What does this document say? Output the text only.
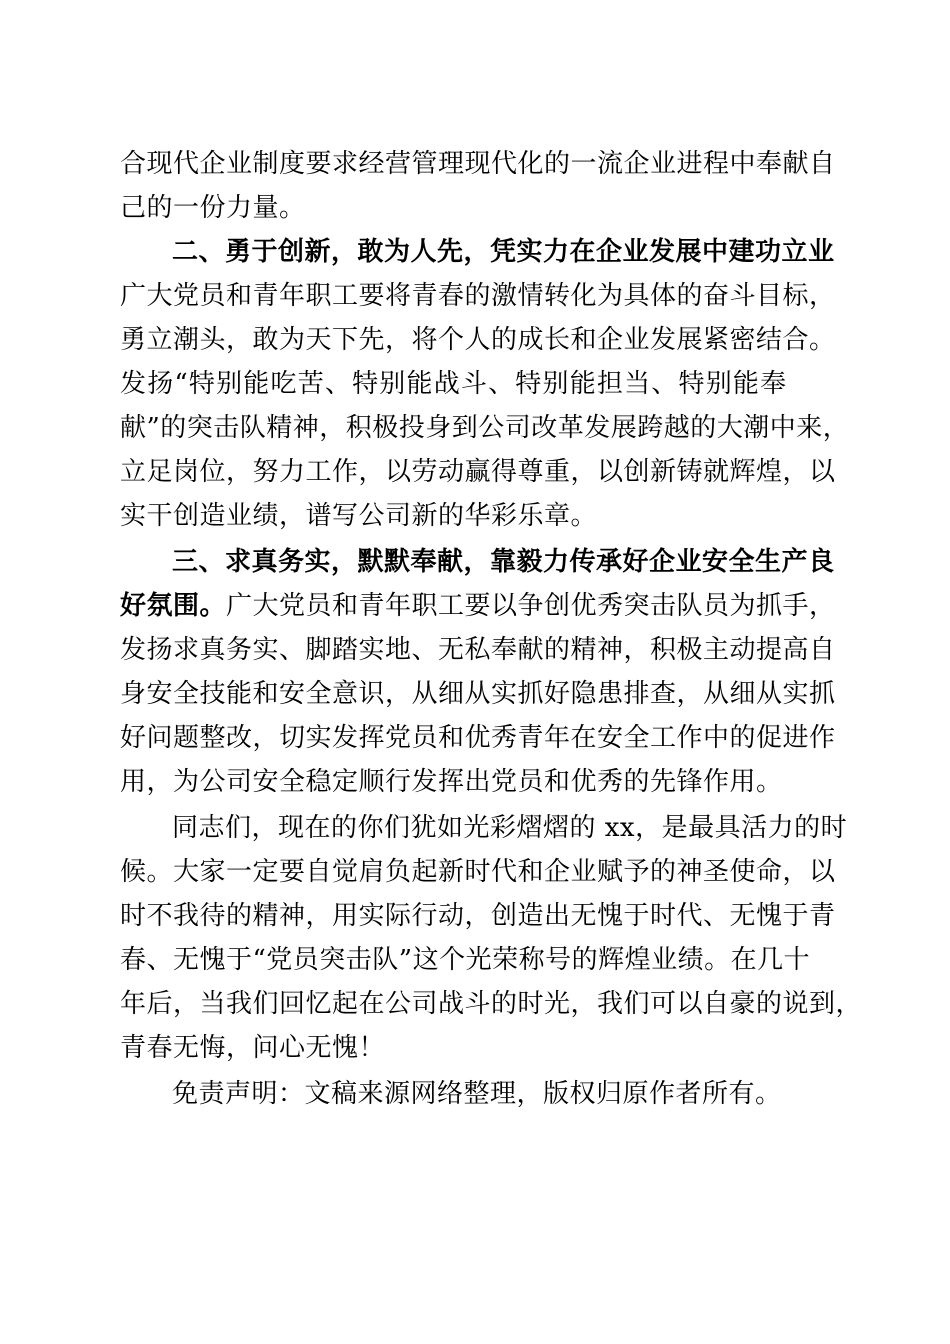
合现代企业制度要求经营管理现代化的一流企业进程中奉献自
己的一份力量。
二、勇于创新，敢为人先，凭实力在企业发展中建功立业
广大党员和青年职工要将青春的激情转化为具体的奋斗目标，
勇立潮头，敢为天下先，将个人的成长和企业发展紧密结合。
发扬“特别能吃苦、特别能战斗、特别能担当、特别能奉
献”的突击队精神，积极投身到公司改革发展跨越的大潮中来，
立足岗位，努力工作，以劳动赢得尊重，以创新铸就辉煌，以
实干创造业绩，谱写公司新的华彩乐章。
三、求真务实，默默奉献，靠毅力传承好企业安全生产良
好氛围。广大党员和青年职工要以争创优秀突击队员为抓手，
发扬求真务实、脚踏实地、无私奉献的精神，积极主动提高自
身安全技能和安全意识，从细从实抓好隐患排查，从细从实抓
好问题整改，切实发挥党员和优秀青年在安全工作中的促进作
用，为公司安全稳定顺行发挥出党员和优秀的先锋作用。
同志们，现在的你们犹如光彩熠熠的 xx，是最具活力的时
候。大家一定要自觉肩负起新时代和企业赋予的神圣使命，以
时不我待的精神，用实际行动，创造出无愧于时代、无愧于青
春、无愧于“党员突击队”这个光荣称号的辉煌业绩。在几十
年后，当我们回忆起在公司战斗的时光，我们可以自豪的说到，
青春无悔，问心无愧！
免责声明：文稿来源网络整理，版权归原作者所有。
